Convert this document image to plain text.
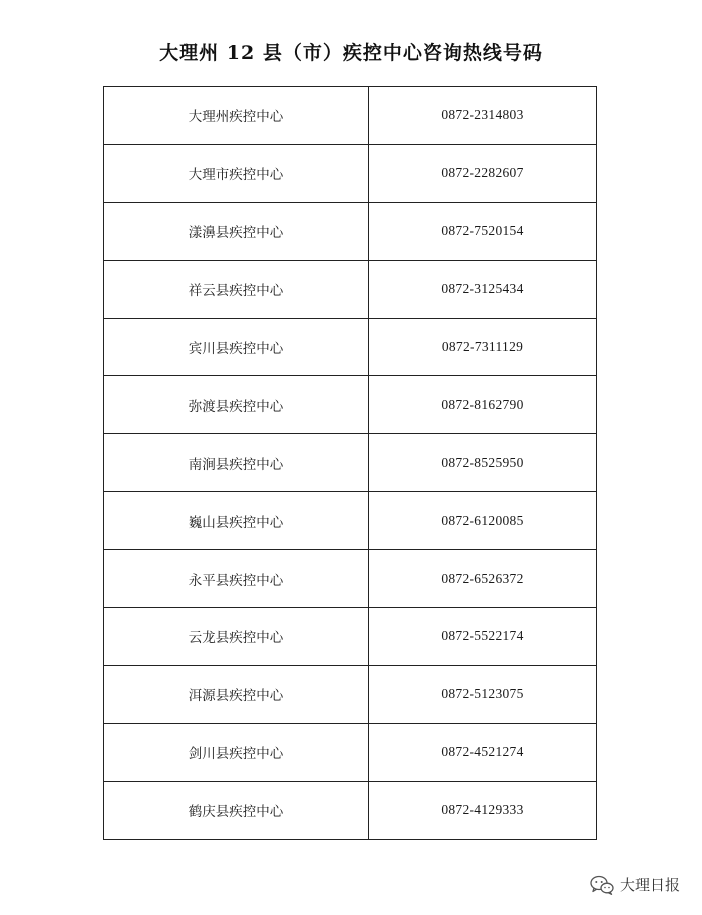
大理州 12 县（市）疾控中心咨询热线号码
大理州疾控中心	0872-2314803
大理市疾控中心	0872-2282607
漾濞县疾控中心	0872-7520154
祥云县疾控中心	0872-3125434
宾川县疾控中心	0872-7311129
弥渡县疾控中心	0872-8162790
南涧县疾控中心	0872-8525950
巍山县疾控中心	0872-6120085
永平县疾控中心	0872-6526372
云龙县疾控中心	0872-5522174
洱源县疾控中心	0872-5123075
剑川县疾控中心	0872-4521274
鹤庆县疾控中心	0872-4129333
大理日报
